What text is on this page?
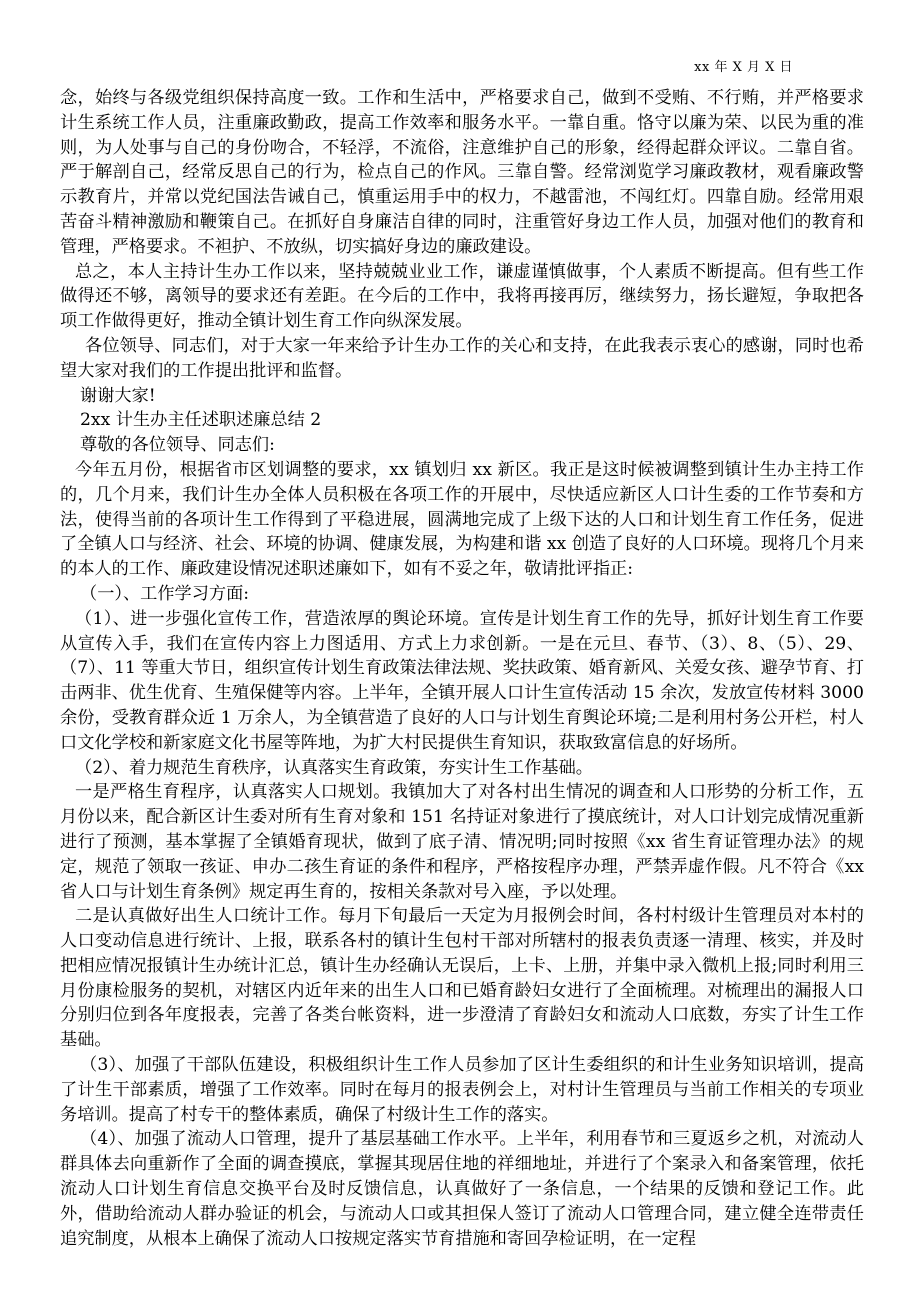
xx 年 X 月 X 日

念，始终与各级党组织保持高度一致。工作和生活中，严格要求自己，做到不受贿、不行贿，并严格要求计生系统工作人员，注重廉政勤政，提高工作效率和服务水平。一靠自重。恪守以廉为荣、以民为重的准则，为人处事与自己的身份吻合，不轻浮，不流俗，注意维护自己的形象，经得起群众评议。二靠自省。严于解剖自己，经常反思自己的行为，检点自己的作风。三靠自警。经常浏览学习廉政教材，观看廉政警示教育片，并常以党纪国法告诫自己，慎重运用手中的权力，不越雷池，不闯红灯。四靠自励。经常用艰苦奋斗精神激励和鞭策自己。在抓好自身廉洁自律的同时，注重管好身边工作人员，加强对他们的教育和管理，严格要求。不袒护、不放纵，切实搞好身边的廉政建设。

总之，本人主持计生办工作以来，坚持兢兢业业工作，谦虚谨慎做事，个人素质不断提高。但有些工作做得还不够，离领导的要求还有差距。在今后的工作中，我将再接再厉，继续努力，扬长避短，争取把各项工作做得更好，推动全镇计划生育工作向纵深发展。

各位领导、同志们，对于大家一年来给予计生办工作的关心和支持，在此我表示衷心的感谢，同时也希望大家对我们的工作提出批评和监督。

谢谢大家!

2xx 计生办主任述职述廉总结 2

尊敬的各位领导、同志们:

今年五月份，根据省市区划调整的要求，xx 镇划归 xx 新区。我正是这时候被调整到镇计生办主持工作的，几个月来，我们计生办全体人员积极在各项工作的开展中，尽快适应新区人口计生委的工作节奏和方法，使得当前的各项计生工作得到了平稳进展，圆满地完成了上级下达的人口和计划生育工作任务，促进了全镇人口与经济、社会、环境的协调、健康发展，为构建和谐 xx 创造了良好的人口环境。现将几个月来的本人的工作、廉政建设情况述职述廉如下，如有不妥之年，敬请批评指正:

（一）、工作学习方面:

（1）、进一步强化宣传工作，营造浓厚的舆论环境。宣传是计划生育工作的先导，抓好计划生育工作要从宣传入手，我们在宣传内容上力图适用、方式上力求创新。一是在元旦、春节、（3）、8、（5）、29、（7）、11 等重大节日，组织宣传计划生育政策法律法规、奖扶政策、婚育新风、关爱女孩、避孕节育、打击两非、优生优育、生殖保健等内容。上半年，全镇开展人口计生宣传活动 15 余次，发放宣传材料 3000 余份，受教育群众近 1 万余人，为全镇营造了良好的人口与计划生育舆论环境;二是利用村务公开栏，村人口文化学校和新家庭文化书屋等阵地，为扩大村民提供生育知识，获取致富信息的好场所。

（2）、着力规范生育秩序，认真落实生育政策，夯实计生工作基础。

一是严格生育程序，认真落实人口规划。我镇加大了对各村出生情况的调查和人口形势的分析工作，五月份以来，配合新区计生委对所有生育对象和 151 名持证对象进行了摸底统计，对人口计划完成情况重新进行了预测，基本掌握了全镇婚育现状，做到了底子清、情况明;同时按照《xx 省生育证管理办法》的规定，规范了领取一孩证、申办二孩生育证的条件和程序，严格按程序办理，严禁弄虚作假。凡不符合《xx 省人口与计划生育条例》规定再生育的，按相关条款对号入座，予以处理。

二是认真做好出生人口统计工作。每月下旬最后一天定为月报例会时间，各村村级计生管理员对本村的人口变动信息进行统计、上报，联系各村的镇计生包村干部对所辖村的报表负责逐一清理、核实，并及时把相应情况报镇计生办统计汇总，镇计生办经确认无误后，上卡、上册，并集中录入微机上报;同时利用三月份康检服务的契机，对辖区内近年来的出生人口和已婚育龄妇女进行了全面梳理。对梳理出的漏报人口分别归位到各年度报表，完善了各类台帐资料，进一步澄清了育龄妇女和流动人口底数，夯实了计生工作基础。

（3）、加强了干部队伍建设，积极组织计生工作人员参加了区计生委组织的和计生业务知识培训，提高了计生干部素质，增强了工作效率。同时在每月的报表例会上，对村计生管理员与当前工作相关的专项业务培训。提高了村专干的整体素质，确保了村级计生工作的落实。

（4）、加强了流动人口管理，提升了基层基础工作水平。上半年，利用春节和三夏返乡之机，对流动人群具体去向重新作了全面的调查摸底，掌握其现居住地的祥细地址，并进行了个案录入和备案管理，依托流动人口计划生育信息交换平台及时反馈信息，认真做好了一条信息，一个结果的反馈和登记工作。此外，借助给流动人群办验证的机会，与流动人口或其担保人签订了流动人口管理合同，建立健全连带责任追究制度，从根本上确保了流动人口按规定落实节育措施和寄回孕检证明，在一定程
